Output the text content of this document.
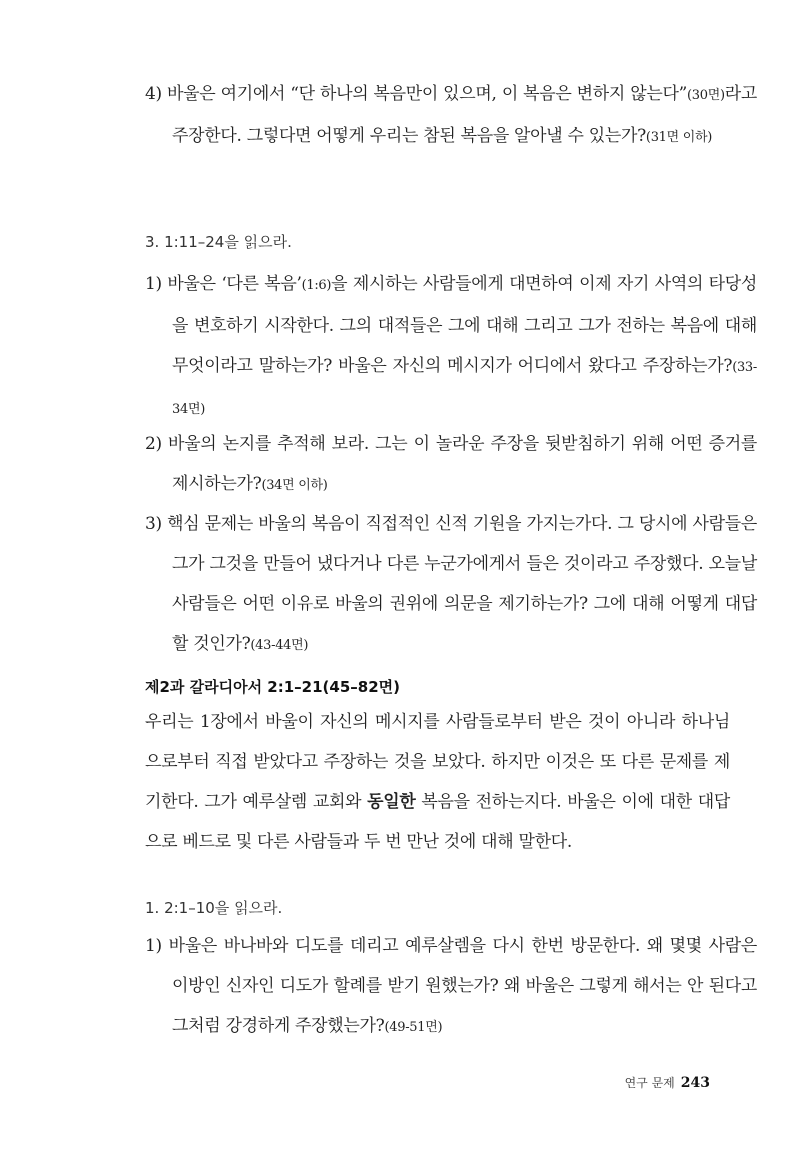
4) 바울은 여기에서 “단 하나의 복음만이 있으며, 이 복음은 변하지 않는다”(30면)라고 주장한다. 그렇다면 어떻게 우리는 참된 복음을 알아낼 수 있는가?(31면 이하)

3. 1:11–24을 읽으라.

1) 바울은 ‘다른 복음’(1:6)을 제시하는 사람들에게 대면하여 이제 자기 사역의 타당성을 변호하기 시작한다. 그의 대적들은 그에 대해 그리고 그가 전하는 복음에 대해 무엇이라고 말하는가? 바울은 자신의 메시지가 어디에서 왔다고 주장하는가?(33-34면)

2) 바울의 논지를 추적해 보라. 그는 이 놀라운 주장을 뒷받침하기 위해 어떤 증거를 제시하는가?(34면 이하)

3) 핵심 문제는 바울의 복음이 직접적인 신적 기원을 가지는가다. 그 당시에 사람들은 그가 그것을 만들어 냈다거나 다른 누군가에게서 들은 것이라고 주장했다. 오늘날 사람들은 어떤 이유로 바울의 권위에 의문을 제기하는가? 그에 대해 어떻게 대답할 것인가?(43-44면)

제2과 갈라디아서 2:1–21(45–82면)

우리는 1장에서 바울이 자신의 메시지를 사람들로부터 받은 것이 아니라 하나님으로부터 직접 받았다고 주장하는 것을 보았다. 하지만 이것은 또 다른 문제를 제기한다. 그가 예루살렘 교회와 동일한 복음을 전하는지다. 바울은 이에 대한 대답으로 베드로 및 다른 사람들과 두 번 만난 것에 대해 말한다.

1. 2:1–10을 읽으라.

1) 바울은 바나바와 디도를 데리고 예루살렘을 다시 한번 방문한다. 왜 몇몇 사람은 이방인 신자인 디도가 할례를 받기 원했는가? 왜 바울은 그렇게 해서는 안 된다고 그처럼 강경하게 주장했는가?(49-51면)

연구 문제 243
